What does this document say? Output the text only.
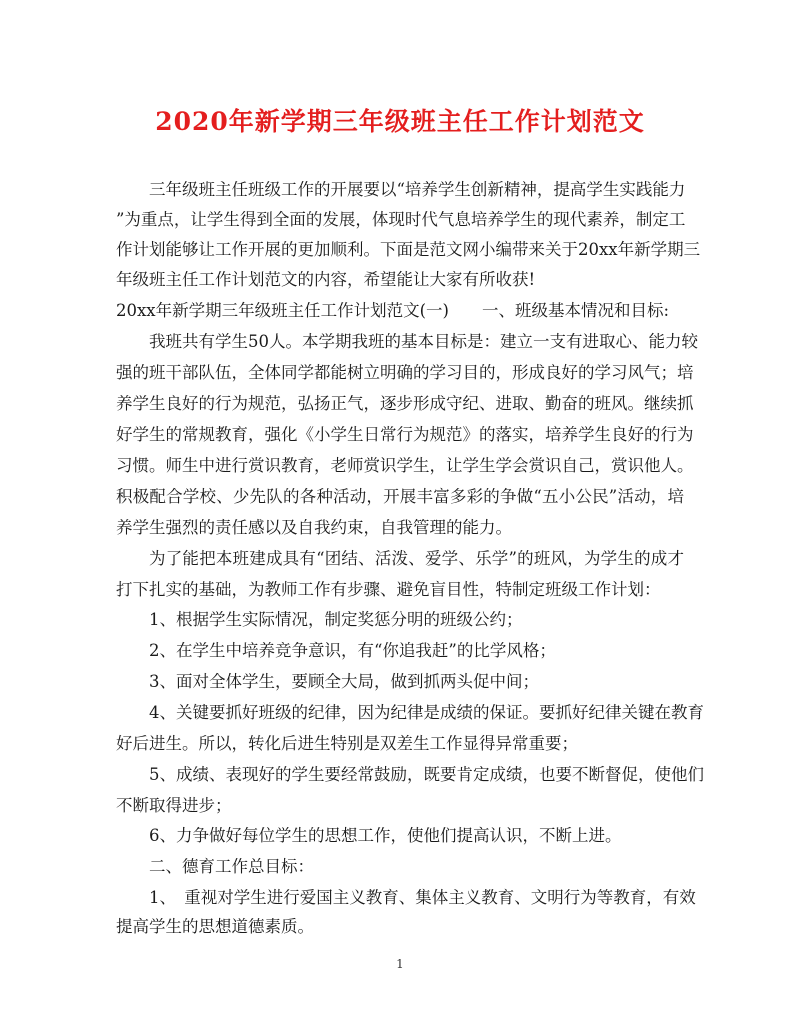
2020年新学期三年级班主任工作计划范文
三年级班主任班级工作的开展要以“培养学生创新精神，提高学生实践能力
”为重点，让学生得到全面的发展，体现时代气息培养学生的现代素养，制定工
作计划能够让工作开展的更加顺利。下面是范文网小编带来关于20xx年新学期三
年级班主任工作计划范文的内容，希望能让大家有所收获!
20xx年新学期三年级班主任工作计划范文(一)　　一、班级基本情况和目标:
我班共有学生50人。本学期我班的基本目标是：建立一支有进取心、能力较
强的班干部队伍，全体同学都能树立明确的学习目的，形成良好的学习风气；培
养学生良好的行为规范，弘扬正气，逐步形成守纪、进取、勤奋的班风。继续抓
好学生的常规教育，强化《小学生日常行为规范》的落实，培养学生良好的行为
习惯。师生中进行赏识教育，老师赏识学生，让学生学会赏识自己，赏识他人。
积极配合学校、少先队的各种活动，开展丰富多彩的争做“五小公民”活动，培
养学生强烈的责任感以及自我约束，自我管理的能力。
为了能把本班建成具有“团结、活泼、爱学、乐学”的班风，为学生的成才
打下扎实的基础，为教师工作有步骤、避免盲目性，特制定班级工作计划：
1、根据学生实际情况，制定奖惩分明的班级公约；
2、在学生中培养竞争意识，有“你追我赶”的比学风格；
3、面对全体学生，要顾全大局，做到抓两头促中间；
4、关键要抓好班级的纪律，因为纪律是成绩的保证。要抓好纪律关键在教育
好后进生。所以，转化后进生特别是双差生工作显得异常重要；
5、成绩、表现好的学生要经常鼓励，既要肯定成绩，也要不断督促，使他们
不断取得进步；
6、力争做好每位学生的思想工作，使他们提高认识，不断上进。
二、德育工作总目标：
1、　重视对学生进行爱国主义教育、集体主义教育、文明行为等教育，有效
提高学生的思想道德素质。
1
